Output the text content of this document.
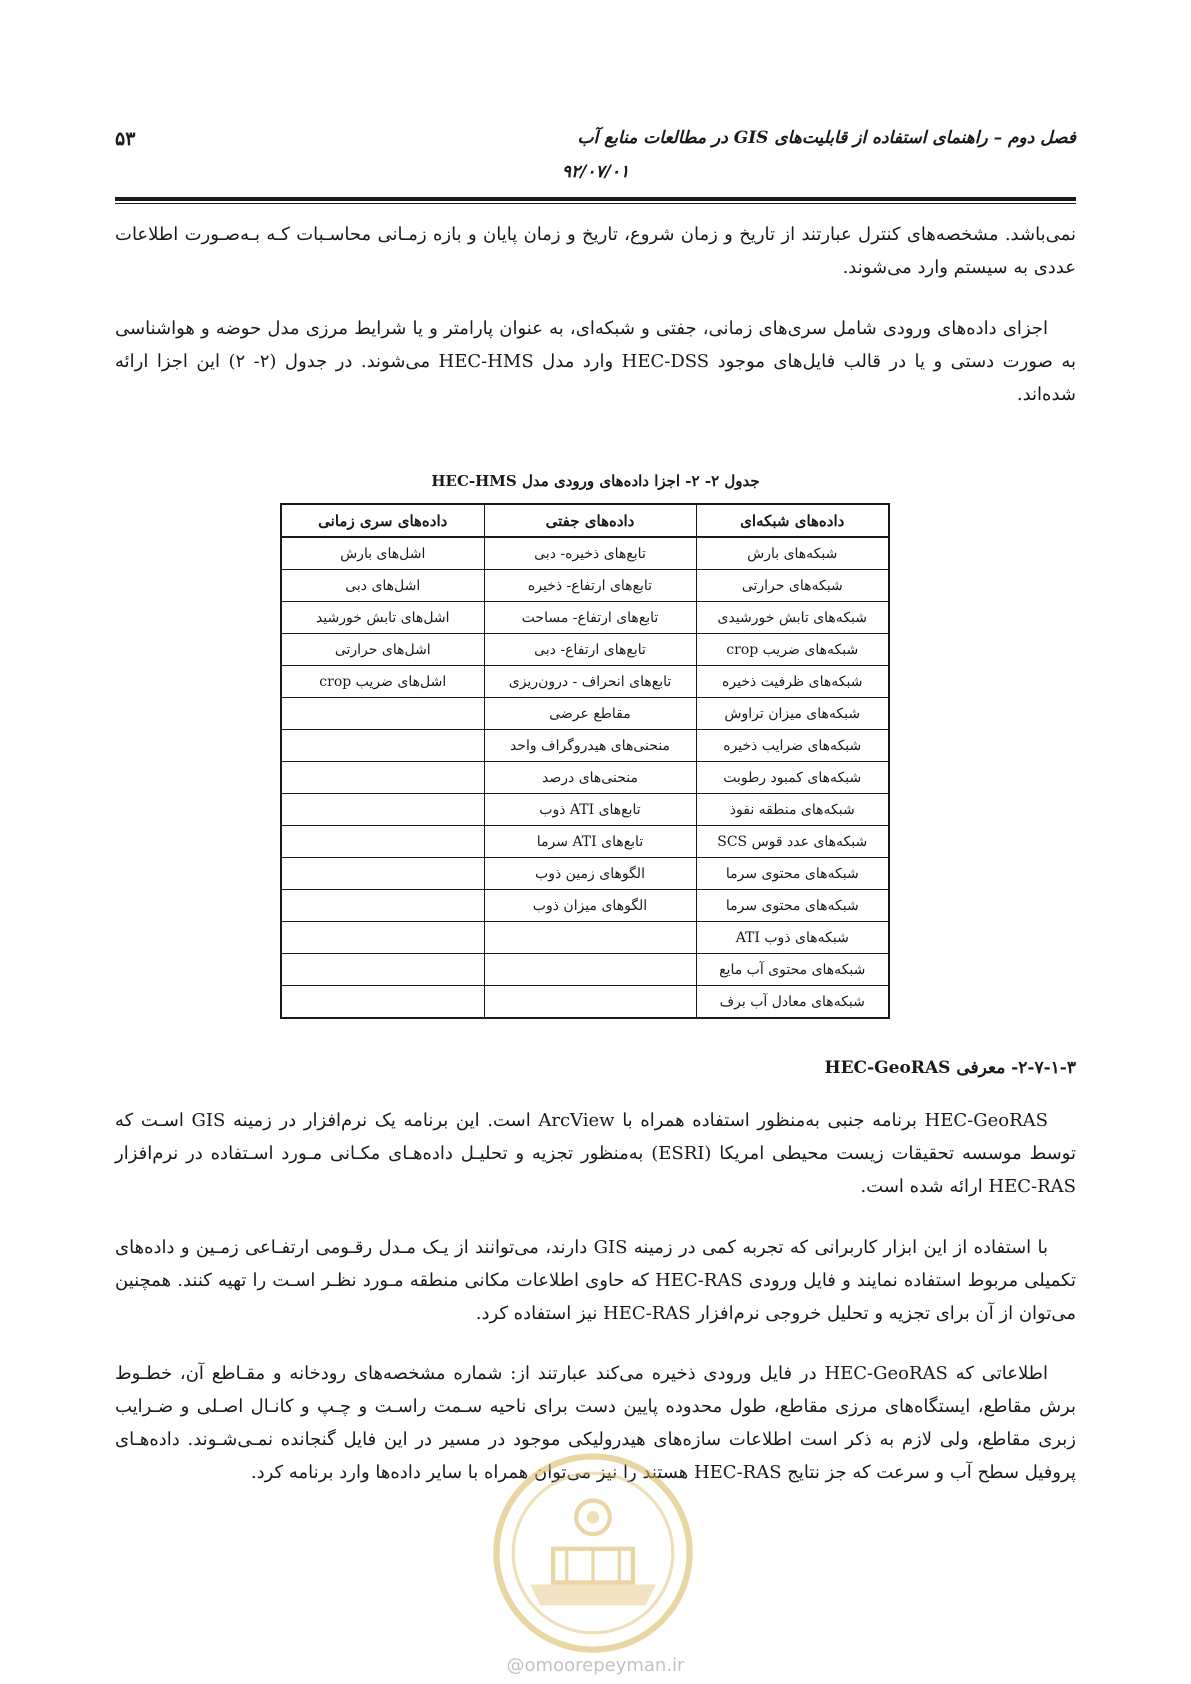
۵۳	فصل دوم – راهنمای استفاده از قابلیت‌های GIS در مطالعات منابع آب
۹۲/۰۷/۰۱

نمی‌باشد. مشخصه‌های کنترل عبارتند از تاریخ و زمان شروع، تاریخ و زمان پایان و بازه زمـانی محاسـبات کـه بـه‌صـورت اطلاعات عددی به سیستم وارد می‌شوند.

اجزای داده‌های ورودی شامل سری‌های زمانی، جفتی و شبکه‌ای، به عنوان پارامتر و یا شرایط مرزی مدل حوضه و هواشناسی به صورت دستی و یا در قالب فایل‌های موجود HEC-DSS وارد مدل HEC-HMS می‌شوند. در جدول (۲- ۲) این اجزا ارائه شده‌اند.

جدول ۲- ۲- اجزا داده‌های ورودی مدل HEC-HMS
داده‌های شبکه‌ای	داده‌های جفتی	داده‌های سری زمانی
شبکه‌های بارش	تابع‌های ذخیره- دبی	اشل‌های بارش
شبکه‌های حرارتی	تابع‌های ارتفاع- ذخیره	اشل‌های دبی
شبکه‌های تابش خورشیدی	تابع‌های ارتفاع- مساحت	اشل‌های تابش خورشید
شبکه‌های ضریب crop	تابع‌های ارتفاع- دبی	اشل‌های حرارتی
شبکه‌های ظرفیت ذخیره	تابع‌های انحراف - درون‌ریزی	اشل‌های ضریب crop
شبکه‌های میزان تراوش	مقاطع عرضی	
شبکه‌های ضرایب ذخیره	منحنی‌های هیدروگراف واحد	
شبکه‌های کمبود رطوبت	منحنی‌های درصد	
شبکه‌های منطقه نفوذ	تابع‌های ATI ذوب	
شبکه‌های عدد قوس SCS	تابع‌های ATI سرما	
شبکه‌های محتوی سرما	الگوهای زمین ذوب	
شبکه‌های محتوی سرما	الگوهای میزان ذوب	
شبکه‌های ذوب ATI		
شبکه‌های محتوی آب مایع		
شبکه‌های معادل آب برف		
۲-۷-۱-۳- معرفی HEC-GeoRAS

HEC-GeoRAS برنامه جنبی به‌منظور استفاده همراه با ArcView است. این برنامه یک نرم‌افزار در زمینه GIS اسـت که توسط موسسه تحقیقات زیست محیطی امریکا (ESRI) به‌منظور تجزیه و تحلیـل داده‌هـای مکـانی مـورد اسـتفاده در نرم‌افزار HEC-RAS ارائه شده است.

با استفاده از این ابزار کاربرانی که تجربه کمی در زمینه GIS دارند، می‌توانند از یـک مـدل رقـومی ارتفـاعی زمـین و داده‌های تکمیلی مربوط استفاده نمایند و فایل ورودی HEC-RAS که حاوی اطلاعات مکانی منطقه مـورد نظـر اسـت را تهیه کنند. همچنین می‌توان از آن برای تجزیه و تحلیل خروجی نرم‌افزار HEC-RAS نیز استفاده کرد.

اطلاعاتی که HEC-GeoRAS در فایل ورودی ذخیره می‌کند عبارتند از: شماره مشخصه‌های رودخانه و مقـاطع آن، خطـوط برش مقاطع، ایستگاه‌های مرزی مقاطع، طول محدوده پایین دست برای ناحیه سـمت راسـت و چـپ و کانـال اصـلی و ضـرایب زبری مقاطع، ولی لازم به ذکر است اطلاعات سازه‌های هیدرولیکی موجود در مسیر در این فایل گنجانده نمـی‌شـوند. داده‌هـای پروفیل سطح آب و سرعت که جز نتایج HEC-RAS هستند را نیز می‌توان همراه با سایر داده‌ها وارد برنامه کرد.

@omoorepeyman.ir
